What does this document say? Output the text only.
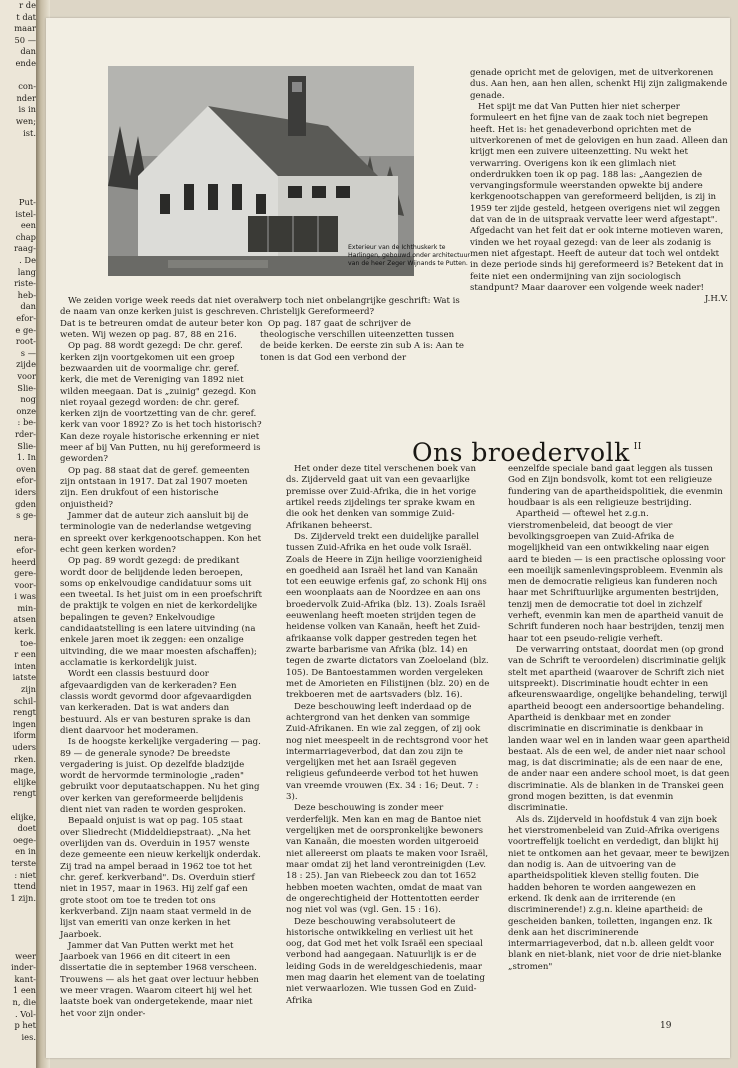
r de
t dat
maar
50 —
dan
ende

con-
nder
is in
wen;
ist.

Put-
istel-
een
chap
raag-
. De
lang
riste-
heb-
dan
efor-
e ge-
root-
s —
zijde
voor
Slie-
nog
onze
: be-
rder-
Slie-
1. In
oven
efor-
iders
gden
s ge-

nera-
efor-
heerd
gere-
voor-
i was
min-
atsen
kerk.
toe-
r een
inten
iatste
zijn
schil-
rengt
ingen
iform
uders
rken.
mage,
elijke
rengt

elijke,
doet
oege-
en in
terste
: niet
ttend
1 zijn.

weer
inder-
kant-
1 een
n, die
. Vol-
p het
ies.
Exterieur van de Ichthuskerk te Harlingen, gebouwd onder architectuur van de heer Zeger Wijnands te Putten.

We zeiden vorige week reeds dat niet overal de naam van onze kerken juist is geschreven. Dat is te betreuren omdat de auteur beter kon weten. Wij wezen op pag. 87, 88 en 216.

Op pag. 88 wordt gezegd: De chr. geref. kerken zijn voortgekomen uit een groep bezwaarden uit de voormalige chr. geref. kerk, die met de Vereniging van 1892 niet wilden meegaan. Dat is „zuinig" gezegd. Kon niet royaal gezegd worden: de chr. geref. kerken zijn de voortzetting van de chr. geref. kerk van voor 1892? Zo is het toch historisch? Kan deze royale historische erkenning er niet meer af bij Van Putten, nu hij gereformeerd is geworden?

Op pag. 88 staat dat de geref. gemeenten zijn ontstaan in 1917. Dat zal 1907 moeten zijn. Een drukfout of een historische onjuistheid?

Jammer dat de auteur zich aansluit bij de terminologie van de nederlandse wetgeving en spreekt over kerkgenootschappen. Kon het echt geen kerken worden?

Op pag. 89 wordt gezegd: de predikant wordt door de belijdende leden beroepen, soms op enkelvoudige candidatuur soms uit een tweetal. Is het juist om in een proefschrift de praktijk te volgen en niet de kerkordelijke bepalingen te geven? Enkelvoudige candidaatstelling is een latere uitvinding (na enkele jaren moet ik zeggen: een onzalige uitvinding, die we maar moesten afschaffen); acclamatie is kerkordelijk juist.

Wordt een classis bestuurd door afgevaardigden van de kerkeraden? Een classis wordt gevormd door afgevaardigden van kerkeraden. Dat is wat anders dan bestuurd. Als er van besturen sprake is dan dient daarvoor het moderamen.

Is de hoogste kerkelijke vergadering — pag. 89 — de generale synode? De breedste vergadering is juist. Op dezelfde bladzijde wordt de hervormde terminologie „raden" gebruikt voor deputaatschappen. Nu het ging over kerken van gereformeerde belijdenis dient niet van raden te worden gesproken.

Bepaald onjuist is wat op pag. 105 staat over Sliedrecht (Middeldiepstraat). „Na het overlijden van ds. Overduin in 1957 wenste deze gemeente een nieuw kerkelijk onderdak. Zij trad na ampel beraad in 1962 toe tot het chr. geref. kerkverband". Ds. Overduin stierf niet in 1957, maar in 1963. Hij zelf gaf een grote stoot om toe te treden tot ons kerkverband. Zijn naam staat vermeld in de lijst van emeriti van onze kerken in het Jaarboek.

Jammer dat Van Putten werkt met het Jaarboek van 1966 en dit citeert in een dissertatie die in september 1968 verscheen. Trouwens — als het gaat over lectuur hebben we meer vragen. Waarom citeert hij wel het laatste boek van ondergetekende, maar niet het voor zijn onder-

werp toch niet onbelangrijke geschrift: Wat is Christelijk Gereformeerd?

Op pag. 187 gaat de schrijver de theologische verschillen uiteenzetten tussen de beide kerken. De eerste zin sub A is: Aan te tonen is dat God een verbond der

genade opricht met de gelovigen, met de uitverkorenen dus. Aan hen, aan hen allen, schenkt Hij zijn zaligmakende genade.

Het spijt me dat Van Putten hier niet scherper formuleert en het fijne van de zaak toch niet begrepen heeft. Het is: het genadeverbond oprichten met de uitverkorenen of met de gelovigen en hun zaad. Alleen dan krijgt men een zuivere uiteenzetting. Nu wekt het verwarring. Overigens kon ik een glimlach niet onderdrukken toen ik op pag. 188 las: „Aangezien de vervangingsformule weerstanden opwekte bij andere kerkgenootschappen van gereformeerd belijden, is zij in 1959 ter zijde gesteld, hetgeen overigens niet wil zeggen dat van de in de uitspraak vervatte leer werd afgestapt". Afgedacht van het feit dat er ook interne motieven waren, vinden we het royaal gezegd: van de leer als zodanig is men niet afgestapt. Heeft de auteur dat toch wel ontdekt in deze periode sinds hij gereformeerd is? Betekent dat in feite niet een ondermijning van zijn sociologisch standpunt? Maar daarover een volgende week nader!

J.H.V.

Ons broedervolk $^{II}$

Het onder deze titel verschenen boek van ds. Zijderveld gaat uit van een gevaarlijke premisse over Zuid-Afrika, die in het vorige artikel reeds zijdelings ter sprake kwam en die ook het denken van sommige Zuid-Afrikanen beheerst.

Ds. Zijderveld trekt een duidelijke parallel tussen Zuid-Afrika en het oude volk Israël. Zoals de Heere in Zijn heilige voorzienigheid en goedheid aan Israël het land van Kanaän tot een eeuwige erfenis gaf, zo schonk Hij ons een woonplaats aan de Noordzee en aan ons broedervolk Zuid-Afrika (blz. 13). Zoals Israël eeuwenlang heeft moeten strijden tegen de heidense volken van Kanaän, heeft het Zuid-afrikaanse volk dapper gestreden tegen het zwarte barbarisme van Afrika (blz. 14) en tegen de zwarte dictators van Zoeloeland (blz. 105). De Bantoestammen worden vergeleken met de Amorieten en Filistijnen (blz. 20) en de trekboeren met de aartsvaders (blz. 16).

Deze beschouwing leeft inderdaad op de achtergrond van het denken van sommige Zuid-Afrikanen. En wie zal zeggen, of zij ook nog niet meespeelt in de rechtsgrond voor het intermarriageverbod, dat dan zou zijn te vergelijken met het aan Israël gegeven religieus gefundeerde verbod tot het huwen van vreemde vrouwen (Ex. 34 : 16; Deut. 7 : 3).

Deze beschouwing is zonder meer verderfelijk. Men kan en mag de Bantoe niet vergelijken met de oorspronkelijke bewoners van Kanaän, die moesten worden uitgeroeid niet allereerst om plaats te maken voor Israël, maar omdat zij het land verontreinigden (Lev. 18 : 25). Jan van Riebeeck zou dan tot 1652 hebben moeten wachten, omdat de maat van de ongerechtigheid der Hottentotten eerder nog niet vol was (vgl. Gen. 15 : 16).

Deze beschouwing verabsoluteert de historische ontwikkeling en verliest uit het oog, dat God met het volk Israël een speciaal verbond had aangegaan. Natuurlijk is er de leiding Gods in de wereldgeschiedenis, maar men mag daarin het element van de toelating niet verwaarlozen. Wie tussen God en Zuid-Afrika

eenzelfde speciale band gaat leggen als tussen God en Zijn bondsvolk, komt tot een religieuze fundering van de apartheidspolitiek, die evenmin houdbaar is als een religieuze bestrijding.

Apartheid — oftewel het z.g.n. vierstromenbeleid, dat beoogt de vier bevolkingsgroepen van Zuid-Afrika de mogelijkheid van een ontwikkeling naar eigen aard te bieden — is een practische oplossing voor een moeilijk samenlevingsprobleem. Evenmin als men de democratie religieus kan funderen noch haar met Schriftuurlijke argumenten bestrijden, tenzij men de democratie tot doel in zichzelf verheft, evenmin kan men de apartheid vanuit de Schrift funderen noch haar bestrijden, tenzij men haar tot een pseudo-religie verheft.

De verwarring ontstaat, doordat men (op grond van de Schrift te veroordelen) discriminatie gelijk stelt met apartheid (waarover de Schrift zich niet uitspreekt). Discriminatie houdt echter in een afkeurenswaardige, ongelijke behandeling, terwijl apartheid beoogt een andersoortige behandeling. Apartheid is denkbaar met en zonder discriminatie en discriminatie is denkbaar in landen waar wel en in landen waar geen apartheid bestaat. Als de een wel, de ander niet naar school mag, is dat discriminatie; als de een naar de ene, de ander naar een andere school moet, is dat geen discriminatie. Als de blanken in de Transkei geen grond mogen bezitten, is dat evenmin discriminatie.

Als ds. Zijderveld in hoofdstuk 4 van zijn boek het vierstromenbeleid van Zuid-Afrika overigens voortreffelijk toelicht en verdedigt, dan blijkt hij niet te ontkomen aan het gevaar, meer te bewijzen dan nodig is. Aan de uitvoering van de apartheidspolitiek kleven stellig fouten. Die hadden behoren te worden aangewezen en erkend. Ik denk aan de irriterende (en discriminerende!) z.g.n. kleine apartheid: de gescheiden banken, toiletten, ingangen enz. Ik denk aan het discriminerende intermarriageverbod, dat n.b. alleen geldt voor blank en niet-blank, niet voor de drie niet-blanke „stromen"

19
